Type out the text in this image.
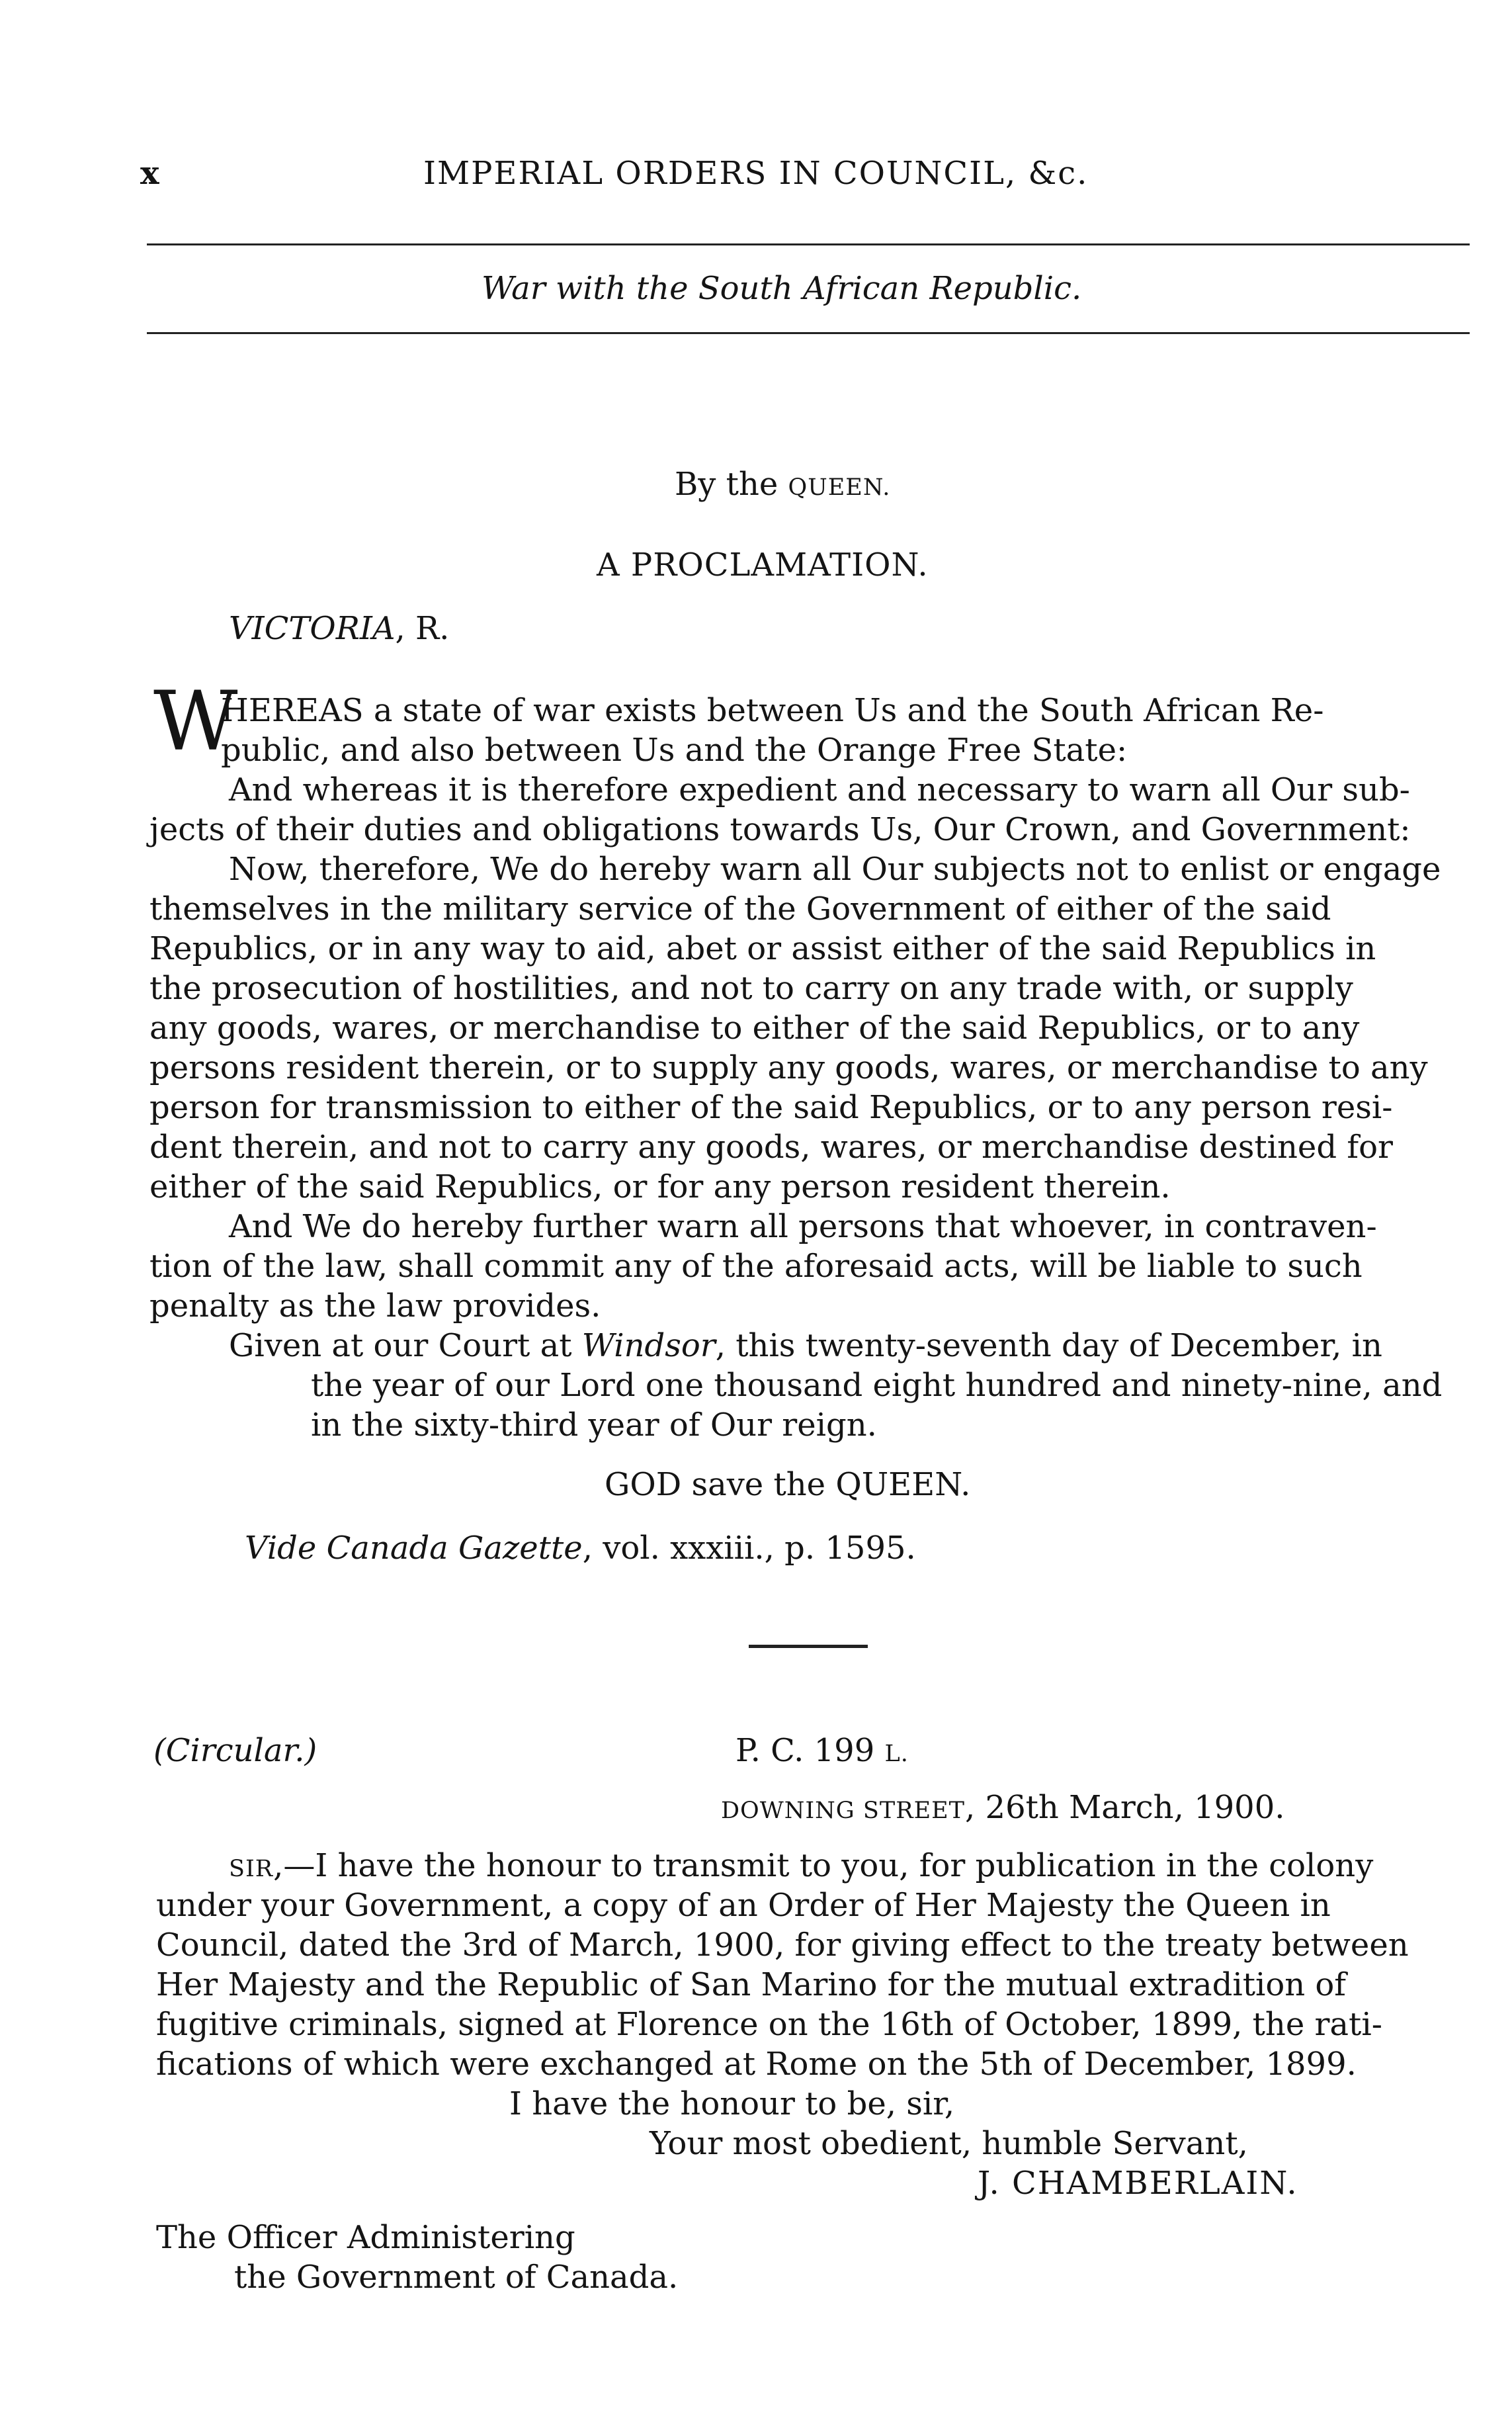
x	IMPERIAL ORDERS IN COUNCIL, &c.
War with the South African Republic.
By the QUEEN.
A PROCLAMATION.
VICTORIA, R.
W
HEREAS a state of war exists between Us and the South African Re-
public, and also between Us and the Orange Free State:
And whereas it is therefore expedient and necessary to warn all Our sub-
jects of their duties and obligations towards Us, Our Crown, and Government:
Now, therefore, We do hereby warn all Our subjects not to enlist or engage
themselves in the military service of the Government of either of the said
Republics, or in any way to aid, abet or assist either of the said Republics in
the prosecution of hostilities, and not to carry on any trade with, or supply
any goods, wares, or merchandise to either of the said Republics, or to any
persons resident therein, or to supply any goods, wares, or merchandise to any
person for transmission to either of the said Republics, or to any person resi-
dent therein, and not to carry any goods, wares, or merchandise destined for
either of the said Republics, or for any person resident therein.
And We do hereby further warn all persons that whoever, in contraven-
tion of the law, shall commit any of the aforesaid acts, will be liable to such
penalty as the law provides.
Given at our Court at Windsor, this twenty-seventh day of December, in
the year of our Lord one thousand eight hundred and ninety-nine, and
in the sixty-third year of Our reign.
GOD save the QUEEN.
Vide Canada Gazette, vol. xxxiii., p. 1595.
(Circular.)	P. C. 199 L.
DOWNING STREET, 26th March, 1900.
SIR,—I have the honour to transmit to you, for publication in the colony
under your Government, a copy of an Order of Her Majesty the Queen in
Council, dated the 3rd of March, 1900, for giving effect to the treaty between
Her Majesty and the Republic of San Marino for the mutual extradition of
fugitive criminals, signed at Florence on the 16th of October, 1899, the rati-
fications of which were exchanged at Rome on the 5th of December, 1899.
I have the honour to be, sir,
Your most obedient, humble Servant,
J. CHAMBERLAIN.
The Officer Administering
the Government of Canada.
